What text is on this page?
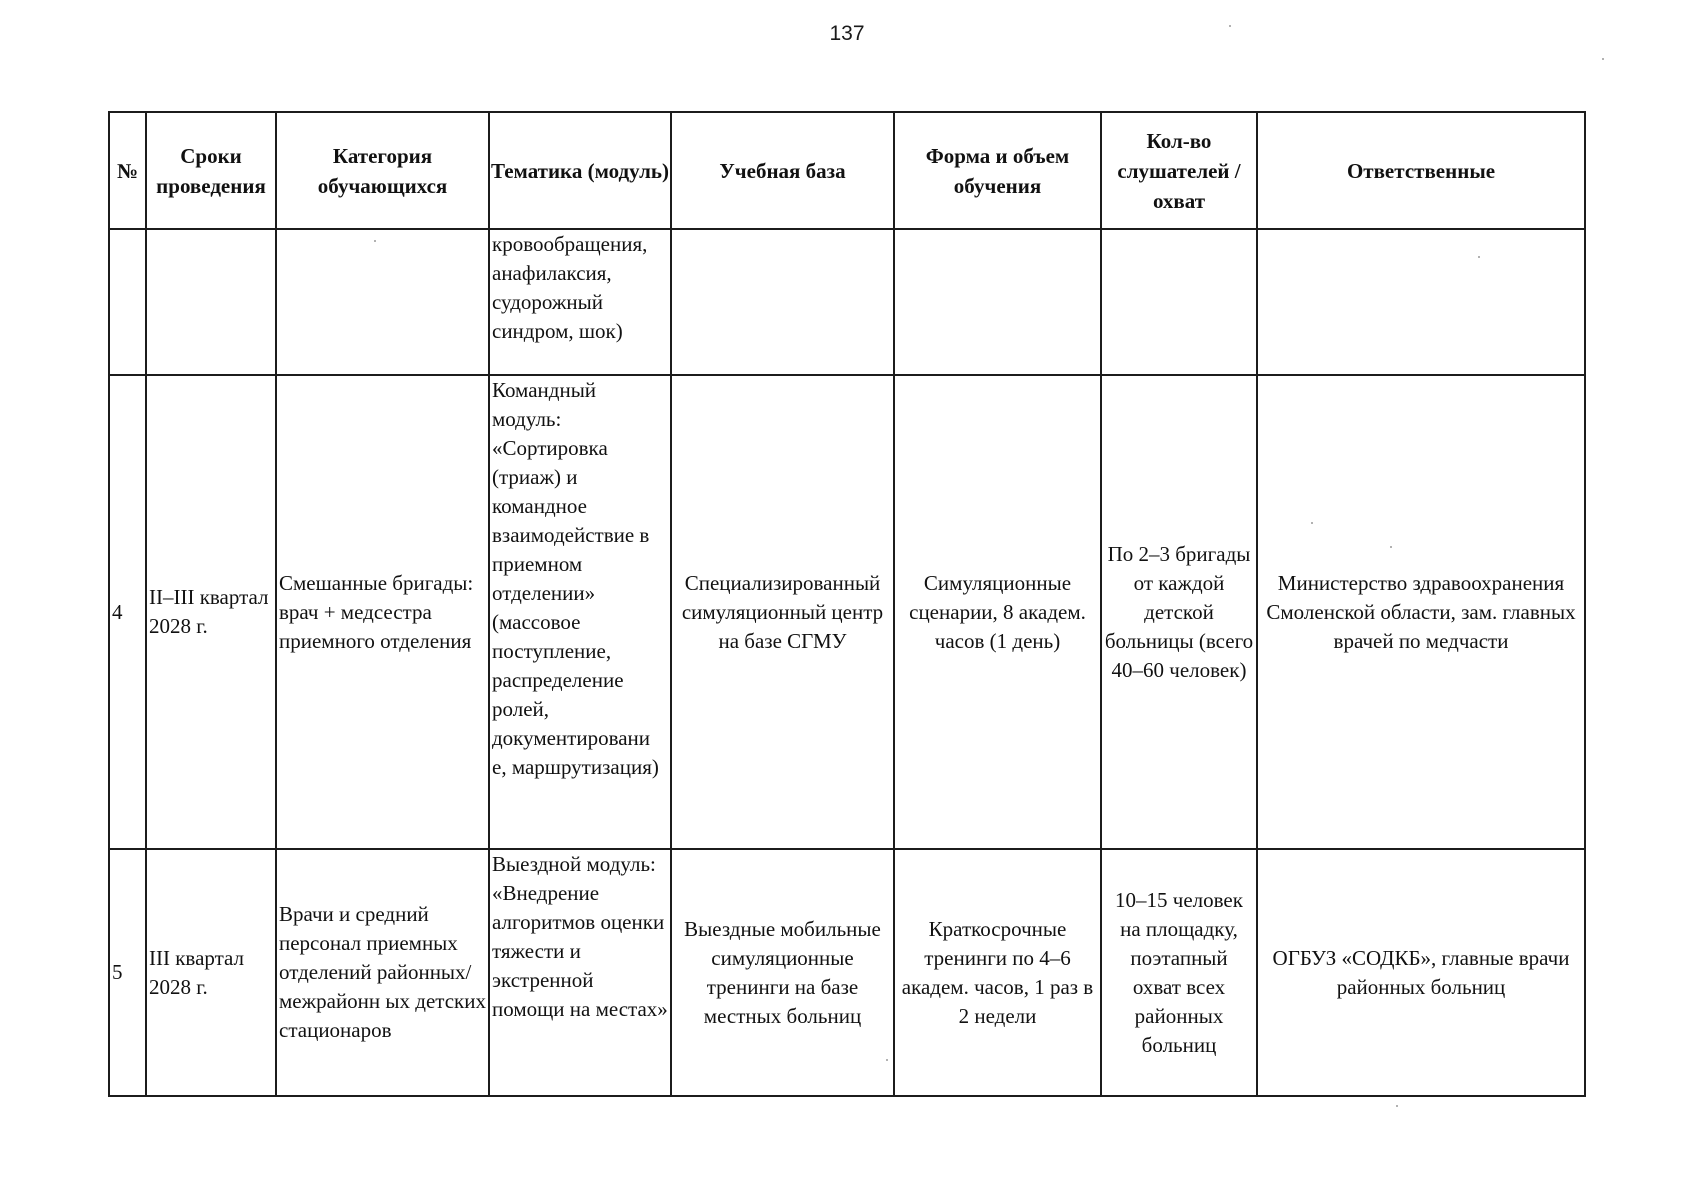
137
№	Сроки проведения	Категория обучающихся	Тематика (модуль)	Учебная база	Форма и объем обучения	Кол-во слушателей / охват	Ответственные
			кровообращения, анафилаксия, судорожный синдром, шок)				
4	II–III квартал 2028 г.	Смешанные бригады: врач + медсестра приемного отделения	Командный модуль: «Сортировка (триаж) и командное взаимодействие в приемном отделении» (массовое поступление, распределение ролей, документировани е, маршрутизация)	Специализированный симуляционный центр на базе СГМУ	Симуляционные сценарии, 8 академ. часов (1 день)	По 2–3 бригады от каждой детской больницы (всего 40–60 человек)	Министерство здравоохранения Смоленской области, зам. главных врачей по медчасти
5	III квартал 2028 г.	Врачи и средний персонал приемных отделений районных/межрайонн ых детских стационаров	Выездной модуль: «Внедрение алгоритмов оценки тяжести и экстренной помощи на местах»	Выездные мобильные симуляционные тренинги на базе местных больниц	Краткосрочные тренинги по 4–6 академ. часов, 1 раз в 2 недели	10–15 человек на площадку, поэтапный охват всех районных больниц	ОГБУЗ «СОДКБ», главные врачи районных больниц
